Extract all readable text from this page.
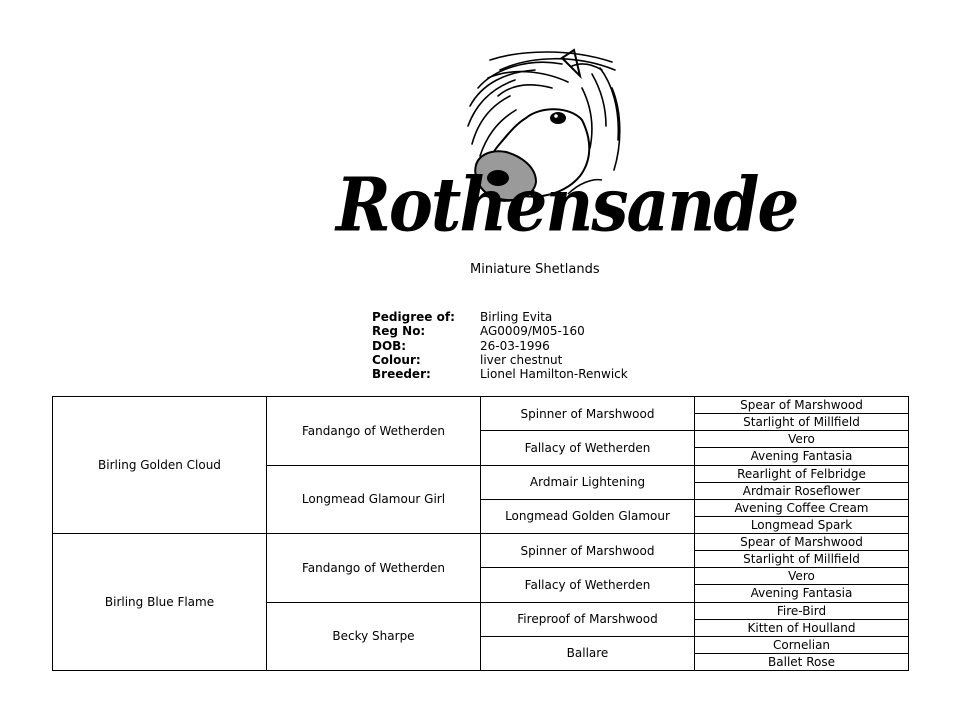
Rothensande
Miniature Shetlands
Pedigree of:	Birling Evita
Reg No:	AG0009/M05-160
DOB:	26-03-1996
Colour:	liver chestnut
Breeder:	Lionel Hamilton-Renwick
Birling Golden Cloud	Fandango of Wetherden	Spinner of Marshwood	Spear of Marshwood
			Starlight of Millfield
		Fallacy of Wetherden	Vero
			Avening Fantasia
	Longmead Glamour Girl	Ardmair Lightening	Rearlight of Felbridge
			Ardmair Roseflower
		Longmead Golden Glamour	Avening Coffee Cream
			Longmead Spark
Birling Blue Flame	Fandango of Wetherden	Spinner of Marshwood	Spear of Marshwood
			Starlight of Millfield
		Fallacy of Wetherden	Vero
			Avening Fantasia
	Becky Sharpe	Fireproof of Marshwood	Fire-Bird
			Kitten of Houlland
		Ballare	Cornelian
			Ballet Rose
